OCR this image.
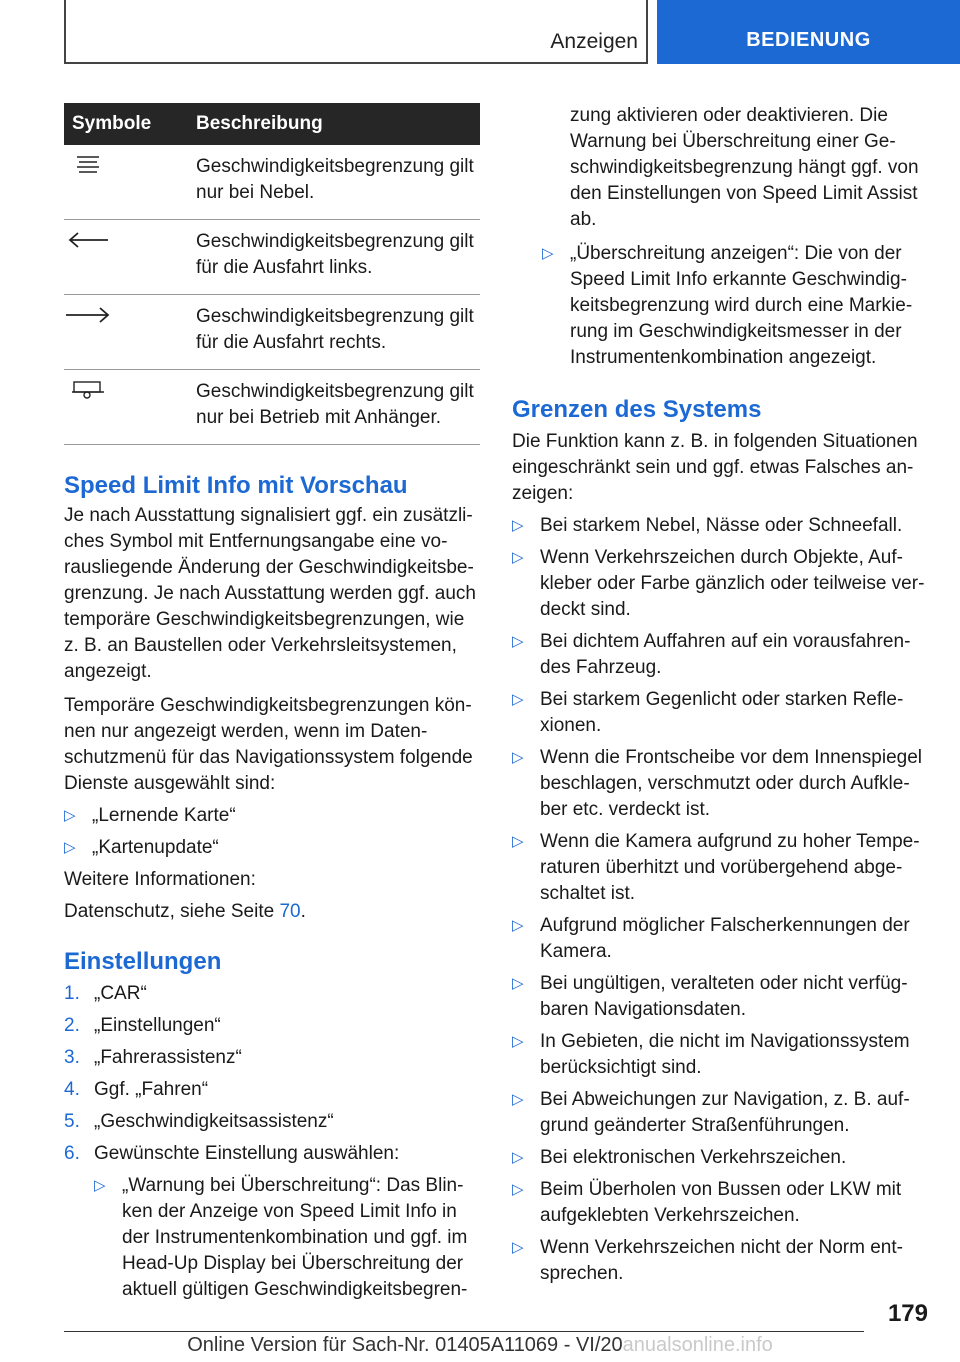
Anzeigen	BEDIENUNG
Symbole	Beschreibung
	Geschwindigkeitsbegrenzung gilt nur bei Nebel.
	Geschwindigkeitsbegrenzung gilt für die Ausfahrt links.
	Geschwindigkeitsbegrenzung gilt für die Ausfahrt rechts.
	Geschwindigkeitsbegrenzung gilt nur bei Betrieb mit Anhänger.
Speed Limit Info mit Vorschau

Je nach Ausstattung signalisiert ggf. ein zusätzliches Symbol mit Entfernungsangabe eine vorausliegende Änderung der Geschwindigkeitsbegrenzung. Je nach Ausstattung werden ggf. auch temporäre Geschwindigkeitsbegrenzungen, wie z. B. an Baustellen oder Verkehrsleitsystemen, angezeigt.

Temporäre Geschwindigkeitsbegrenzungen können nur angezeigt werden, wenn im Datenschutzmenü für das Navigationssystem folgende Dienste ausgewählt sind:

▷ „Lernende Karte“
▷ „Kartenupdate“

Weitere Informationen:

Datenschutz, siehe Seite 70.

Einstellungen
1. „CAR“
2. „Einstellungen“
3. „Fahrerassistenz“
4. Ggf. „Fahren“
5. „Geschwindigkeitsassistenz“
6. Gewünschte Einstellung auswählen:
▷ „Warnung bei Überschreitung“: Das Blinken der Anzeige von Speed Limit Info in der Instrumentenkombination und ggf. im Head-Up Display bei Überschreitung der aktuell gültigen Geschwindigkeitsbegren-

zung aktivieren oder deaktivieren. Die Warnung bei Überschreitung einer Geschwindigkeitsbegrenzung hängt ggf. von den Einstellungen von Speed Limit Assist ab.

▷ „Überschreitung anzeigen“: Die von der Speed Limit Info erkannte Geschwindigkeitsbegrenzung wird durch eine Markierung im Geschwindigkeitsmesser in der Instrumentenkombination angezeigt.
Grenzen des Systems

Die Funktion kann z. B. in folgenden Situationen eingeschränkt sein und ggf. etwas Falsches anzeigen:

▷ Bei starkem Nebel, Nässe oder Schneefall.
▷ Wenn Verkehrszeichen durch Objekte, Aufkleber oder Farbe gänzlich oder teilweise verdeckt sind.
▷ Bei dichtem Auffahren auf ein vorausfahrendes Fahrzeug.
▷ Bei starkem Gegenlicht oder starken Reflexionen.
▷ Wenn die Frontscheibe vor dem Innenspiegel beschlagen, verschmutzt oder durch Aufkleber etc. verdeckt ist.
▷ Wenn die Kamera aufgrund zu hoher Temperaturen überhitzt und vorübergehend abgeschaltet ist.
▷ Aufgrund möglicher Falscherkennungen der Kamera.
▷ Bei ungültigen, veralteten oder nicht verfügbaren Navigationsdaten.
▷ In Gebieten, die nicht im Navigationssystem berücksichtigt sind.
▷ Bei Abweichungen zur Navigation, z. B. aufgrund geänderter Straßenführungen.
▷ Bei elektronischen Verkehrszeichen.
▷ Beim Überholen von Bussen oder LKW mit aufgeklebten Verkehrszeichen.
▷ Wenn Verkehrszeichen nicht der Norm entsprechen.
179
Online Version für Sach-Nr. 01405A11069 - VI/20anualsonline.info
